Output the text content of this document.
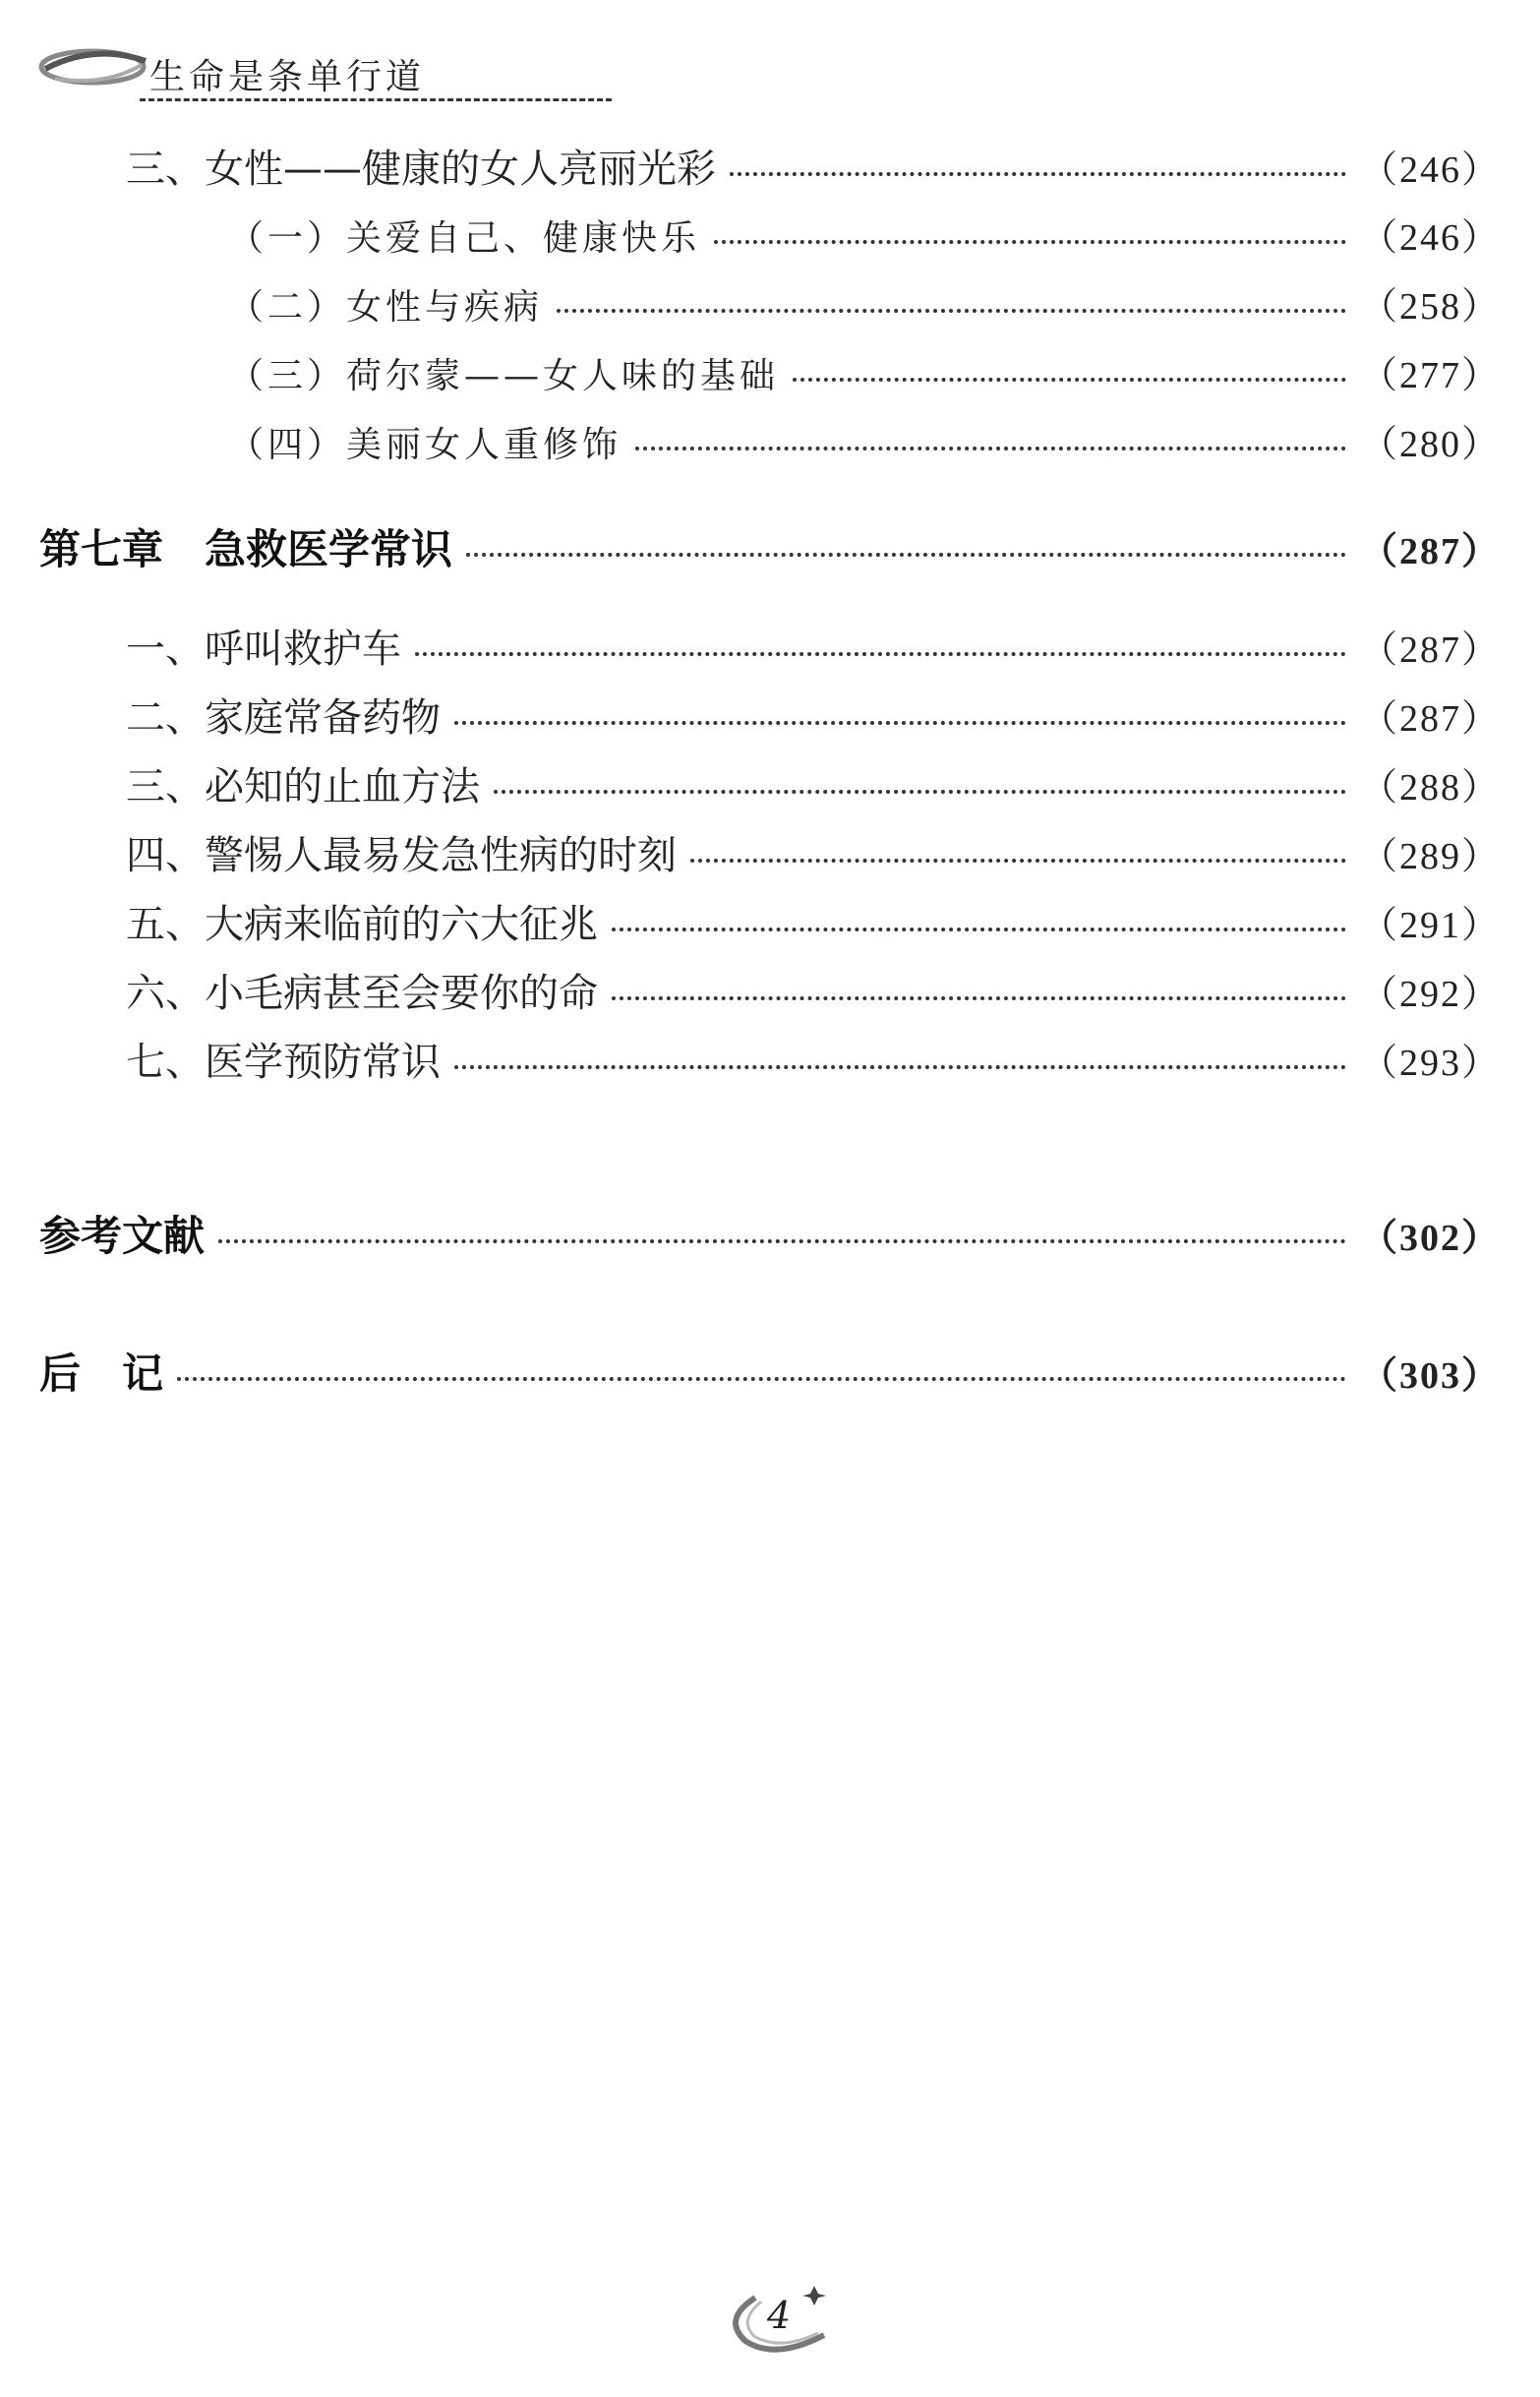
生命是条单行道
三、女性——健康的女人亮丽光彩	（246）
（一）关爱自己、健康快乐	（246）
（二）女性与疾病	（258）
（三）荷尔蒙——女人味的基础	（277）
（四）美丽女人重修饰	（280）
第七章　急救医学常识	（287）
一、呼叫救护车	（287）
二、家庭常备药物	（287）
三、必知的止血方法	（288）
四、警惕人最易发急性病的时刻	（289）
五、大病来临前的六大征兆	（291）
六、小毛病甚至会要你的命	（292）
七、医学预防常识	（293）
参考文献	（302）
后　记	（303）
4
